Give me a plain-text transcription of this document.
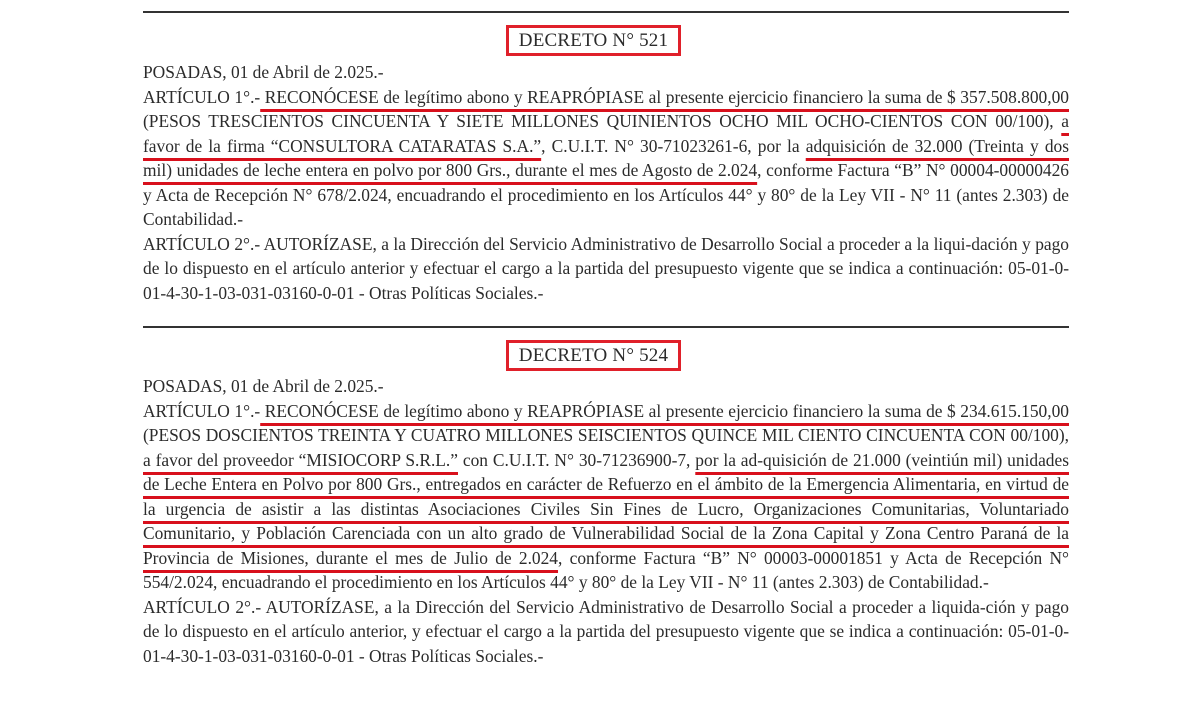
DECRETO N° 521

POSADAS, 01 de Abril de 2.025.-

ARTÍCULO 1°.- RECONÓCESE de legítimo abono y REAPRÓPIASE al presente ejercicio financiero la suma de $ 357.508.800,00 (PESOS TRESCIENTOS CINCUENTA Y SIETE MILLONES QUINIENTOS OCHO MIL OCHO-CIENTOS CON 00/100), a favor de la firma “CONSULTORA CATARATAS S.A.”, C.U.I.T. N° 30-71023261-6, por la adquisición de 32.000 (Treinta y dos mil) unidades de leche entera en polvo por 800 Grs., durante el mes de Agosto de 2.024, conforme Factura “B” N° 00004-00000426 y Acta de Recepción N° 678/2.024, encuadrando el procedimiento en los Artículos 44° y 80° de la Ley VII - N° 11 (antes 2.303) de Contabilidad.-

ARTÍCULO 2°.- AUTORÍZASE, a la Dirección del Servicio Administrativo de Desarrollo Social a proceder a la liqui-dación y pago de lo dispuesto en el artículo anterior y efectuar el cargo a la partida del presupuesto vigente que se indica a continuación: 05-01-0-01-4-30-1-03-031-03160-0-01 - Otras Políticas Sociales.-

DECRETO N° 524

POSADAS, 01 de Abril de 2.025.-

ARTÍCULO 1°.- RECONÓCESE de legítimo abono y REAPRÓPIASE al presente ejercicio financiero la suma de $ 234.615.150,00 (PESOS DOSCIENTOS TREINTA Y CUATRO MILLONES SEISCIENTOS QUINCE MIL CIENTO CINCUENTA CON 00/100), a favor del proveedor “MISIOCORP S.R.L.” con C.U.I.T. N° 30-71236900-7, por la ad-quisición de 21.000 (veintiún mil) unidades de Leche Entera en Polvo por 800 Grs., entregados en carácter de Refuerzo en el ámbito de la Emergencia Alimentaria, en virtud de la urgencia de asistir a las distintas Asociaciones Civiles Sin Fines de Lucro, Organizaciones Comunitarias, Voluntariado Comunitario, y Población Carenciada con un alto grado de Vulnerabilidad Social de la Zona Capital y Zona Centro Paraná de la Provincia de Misiones, durante el mes de Julio de 2.024, conforme Factura “B” N° 00003-00001851 y Acta de Recepción N° 554/2.024, encuadrando el procedimiento en los Artículos 44° y 80° de la Ley VII - N° 11 (antes 2.303) de Contabilidad.-

ARTÍCULO 2°.- AUTORÍZASE, a la Dirección del Servicio Administrativo de Desarrollo Social a proceder a liquida-ción y pago de lo dispuesto en el artículo anterior, y efectuar el cargo a la partida del presupuesto vigente que se indica a continuación: 05-01-0-01-4-30-1-03-031-03160-0-01 - Otras Políticas Sociales.-
